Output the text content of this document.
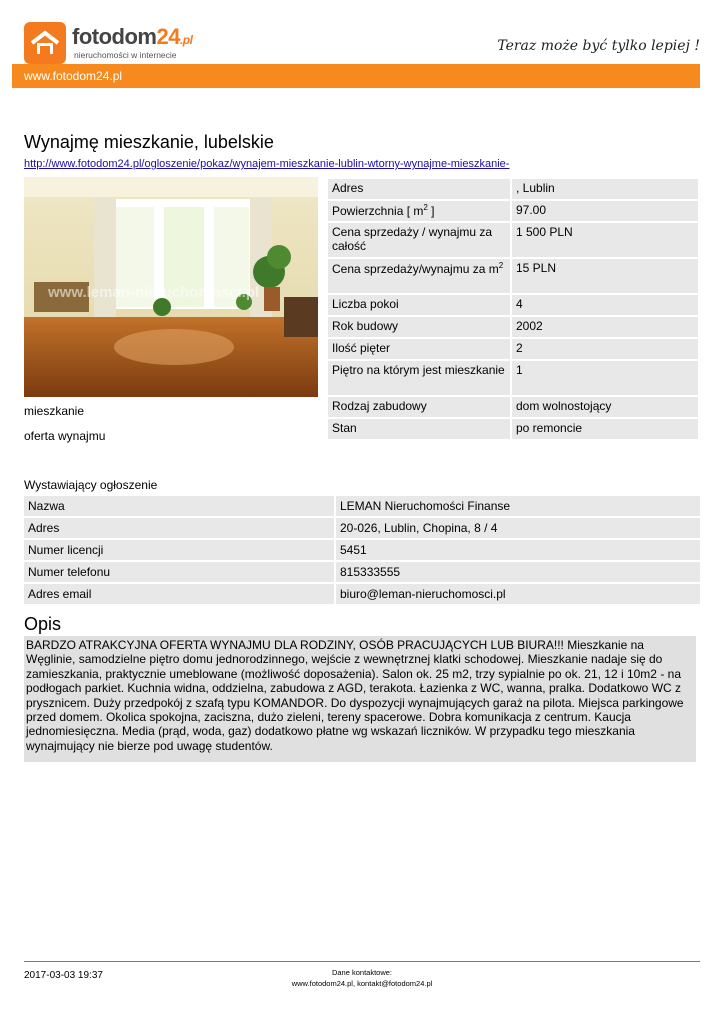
fotodom24.pl
nieruchomości w internecie
Teraz może być tylko lepiej !
www.fotodom24.pl
Wynajmę mieszkanie, lubelskie
http://www.fotodom24.pl/ogloszenie/pokaz/wynajem-mieszkanie-lublin-wtorny-wynajme-mieszkanie-
www.leman-nieruchomosci.pl
mieszkanie
oferta wynajmu
Adres	, Lublin
Powierzchnia [ $m^2$ ]	97.00
Cena sprzedaży / wynajmu za całość	1 500 PLN
Cena sprzedaży/wynajmu za $m^2$	15 PLN
Liczba pokoi	4
Rok budowy	2002
Ilość pięter	2
Piętro na którym jest mieszkanie	1
Rodzaj zabudowy	dom wolnostojący
Stan	po remoncie
Wystawiający ogłoszenie
Nazwa	LEMAN Nieruchomości Finanse
Adres	20-026, Lublin, Chopina, 8 / 4
Numer licencji	5451
Numer telefonu	815333555
Adres email	biuro@leman-nieruchomosci.pl
Opis
BARDZO ATRAKCYJNA OFERTA WYNAJMU DLA RODZINY, OSÓB PRACUJĄCYCH LUB BIURA!!! Mieszkanie na Węglinie, samodzielne piętro domu jednorodzinnego, wejście z wewnętrznej klatki schodowej. Mieszkanie nadaje się do zamieszkania, praktycznie umeblowane (możliwość doposażenia). Salon ok. 25 m2, trzy sypialnie po ok. 21, 12 i 10m2 - na podłogach parkiet. Kuchnia widna, oddzielna, zabudowa z AGD, terakota. Łazienka z WC, wanna, pralka. Dodatkowo WC z prysznicem. Duży przedpokój z szafą typu KOMANDOR. Do dyspozycji wynajmujących garaż na pilota. Miejsca parkingowe przed domem. Okolica spokojna, zaciszna, dużo zieleni, tereny spacerowe. Dobra komunikacja z centrum. Kaucja jednomiesięczna. Media (prąd, woda, gaz) dodatkowo płatne wg wskazań liczników. W przypadku tego mieszkania wynajmujący nie bierze pod uwagę studentów.
2017-03-03 19:37	Dane kontaktowe:
www.fotodom24.pl, kontakt@fotodom24.pl
